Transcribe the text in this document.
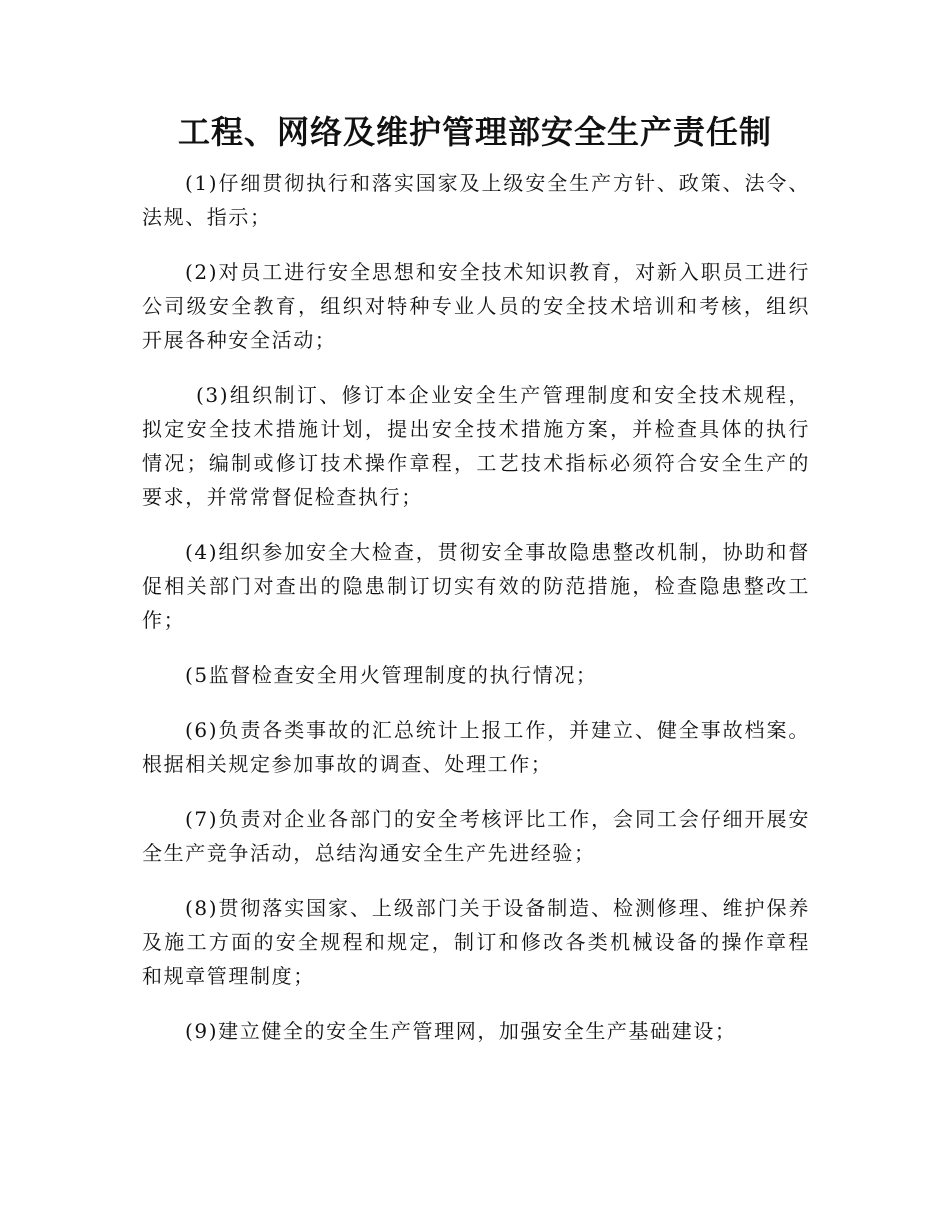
工程、网络及维护管理部安全生产责任制

(1)仔细贯彻执行和落实国家及上级安全生产方针、政策、法令、法规、指示；

(2)对员工进行安全思想和安全技术知识教育，对新入职员工进行公司级安全教育，组织对特种专业人员的安全技术培训和考核，组织开展各种安全活动；

(3)组织制订、修订本企业安全生产管理制度和安全技术规程，拟定安全技术措施计划，提出安全技术措施方案，并检查具体的执行情况；编制或修订技术操作章程，工艺技术指标必须符合安全生产的要求，并常常督促检查执行；

(4)组织参加安全大检查，贯彻安全事故隐患整改机制，协助和督促相关部门对查出的隐患制订切实有效的防范措施，检查隐患整改工作；

(5监督检查安全用火管理制度的执行情况；

(6)负责各类事故的汇总统计上报工作，并建立、健全事故档案。根据相关规定参加事故的调查、处理工作；

(7)负责对企业各部门的安全考核评比工作，会同工会仔细开展安全生产竞争活动，总结沟通安全生产先进经验；

(8)贯彻落实国家、上级部门关于设备制造、检测修理、维护保养及施工方面的安全规程和规定，制订和修改各类机械设备的操作章程和规章管理制度；

(9)建立健全的安全生产管理网，加强安全生产基础建设；
